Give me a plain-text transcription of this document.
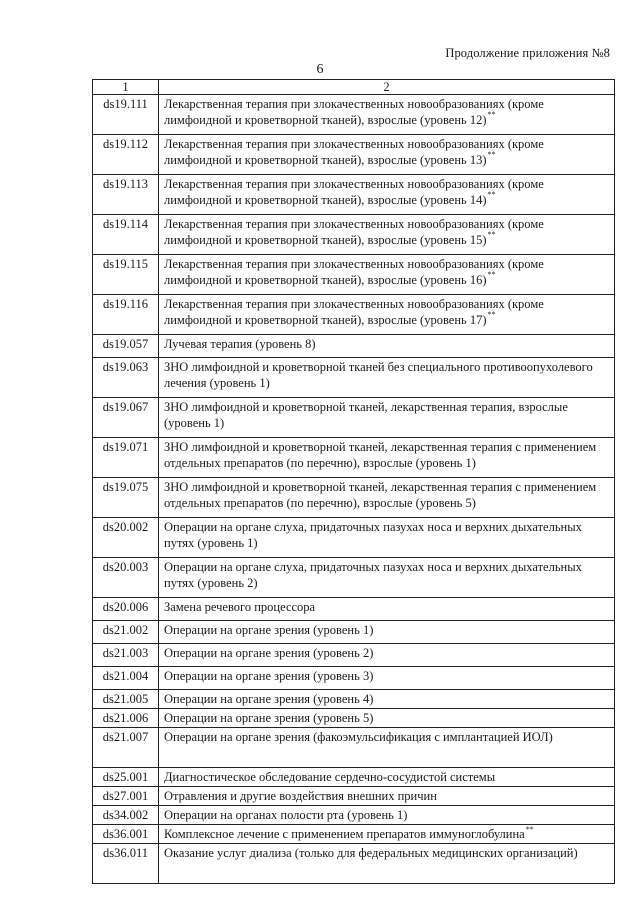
Продолжение приложения №8
6
1	2
ds19.111	Лекарственная терапия при злокачественных новообразованиях (кроме лимфоидной и кроветворной тканей), взрослые (уровень 12)**
ds19.112	Лекарственная терапия при злокачественных новообразованиях (кроме лимфоидной и кроветворной тканей), взрослые (уровень 13)**
ds19.113	Лекарственная терапия при злокачественных новообразованиях (кроме лимфоидной и кроветворной тканей), взрослые (уровень 14)**
ds19.114	Лекарственная терапия при злокачественных новообразованиях (кроме лимфоидной и кроветворной тканей), взрослые (уровень 15)**
ds19.115	Лекарственная терапия при злокачественных новообразованиях (кроме лимфоидной и кроветворной тканей), взрослые (уровень 16)**
ds19.116	Лекарственная терапия при злокачественных новообразованиях (кроме лимфоидной и кроветворной тканей), взрослые (уровень 17)**
ds19.057	Лучевая терапия (уровень 8)
ds19.063	ЗНО лимфоидной и кроветворной тканей без специального противоопухолевого лечения (уровень 1)
ds19.067	ЗНО лимфоидной и кроветворной тканей, лекарственная терапия, взрослые (уровень 1)
ds19.071	ЗНО лимфоидной и кроветворной тканей, лекарственная терапия с применением отдельных препаратов (по перечню), взрослые (уровень 1)
ds19.075	ЗНО лимфоидной и кроветворной тканей, лекарственная терапия с применением отдельных препаратов (по перечню), взрослые (уровень 5)
ds20.002	Операции на органе слуха, придаточных пазухах носа и верхних дыхательных путях (уровень 1)
ds20.003	Операции на органе слуха, придаточных пазухах носа и верхних дыхательных путях (уровень 2)
ds20.006	Замена речевого процессора
ds21.002	Операции на органе зрения (уровень 1)
ds21.003	Операции на органе зрения (уровень 2)
ds21.004	Операции на органе зрения (уровень 3)
ds21.005	Операции на органе зрения (уровень 4)
ds21.006	Операции на органе зрения (уровень 5)
ds21.007	Операции на органе зрения (факоэмульсификация с имплантацией ИОЛ)
ds25.001	Диагностическое обследование сердечно-сосудистой системы
ds27.001	Отравления и другие воздействия внешних причин
ds34.002	Операции на органах полости рта (уровень 1)
ds36.001	Комплексное лечение с применением препаратов иммуноглобулина**
ds36.011	Оказание услуг диализа (только для федеральных медицинских организаций)
